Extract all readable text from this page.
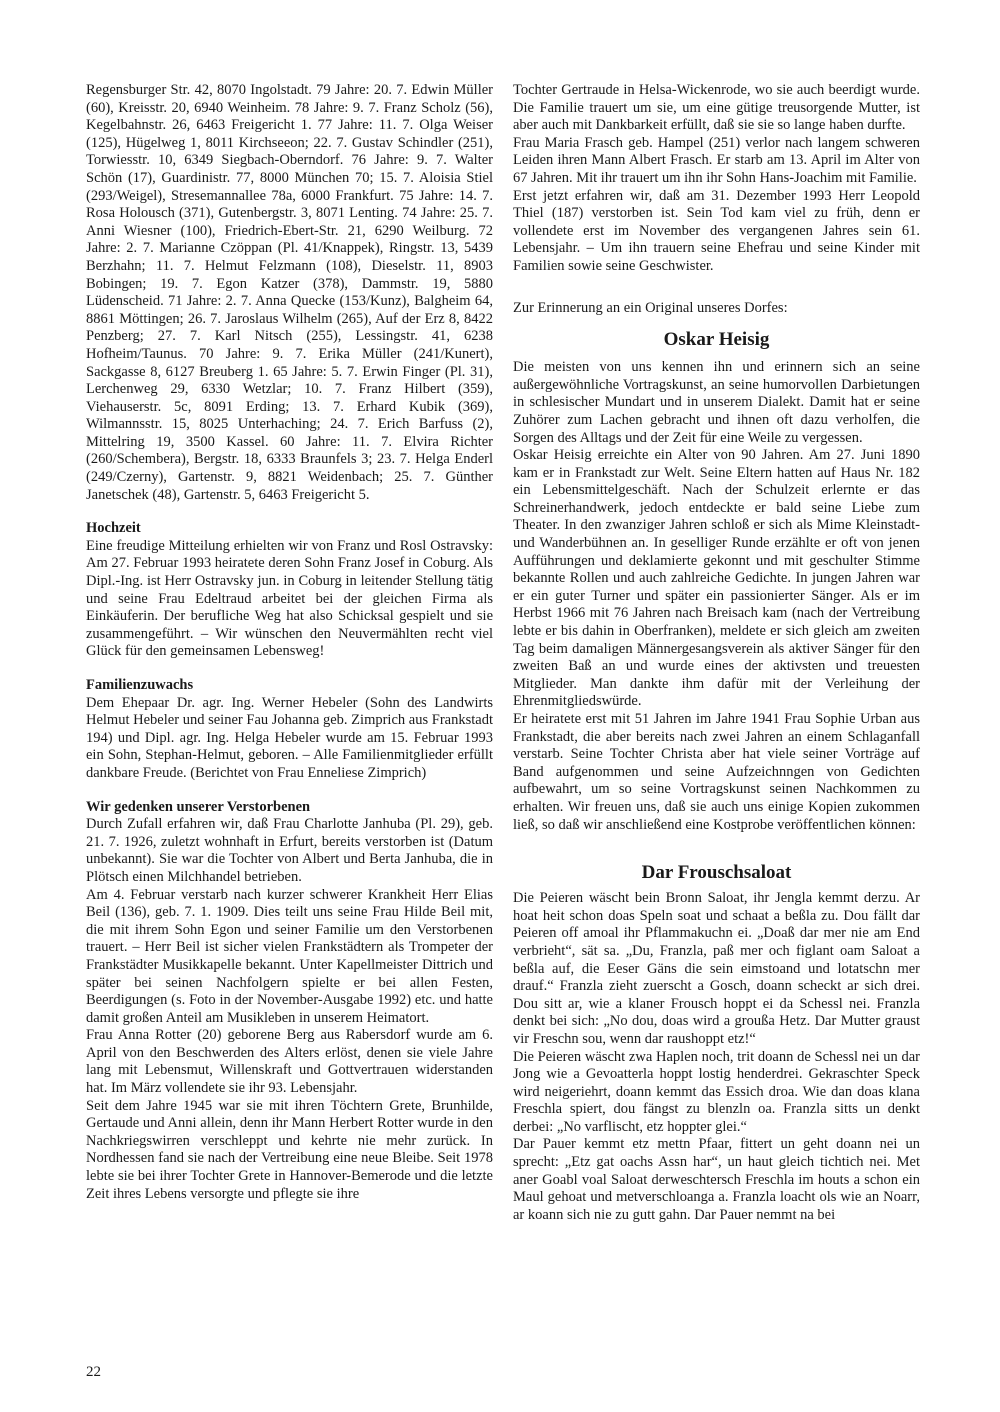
Regensburger Str. 42, 8070 Ingolstadt. 79 Jahre: 20. 7. Edwin Müller (60), Kreisstr. 20, 6940 Weinheim. 78 Jahre: 9. 7. Franz Scholz (56), Kegelbahnstr. 26, 6463 Freigericht 1. 77 Jahre: 11. 7. Olga Weiser (125), Hügelweg 1, 8011 Kirchseeon; 22. 7. Gustav Schindler (251), Torwiesstr. 10, 6349 Siegbach-Oberndorf. 76 Jahre: 9. 7. Walter Schön (17), Guardinistr. 77, 8000 München 70; 15. 7. Aloisia Stiel (293/Weigel), Stresemannallee 78a, 6000 Frankfurt. 75 Jahre: 14. 7. Rosa Holousch (371), Gutenbergstr. 3, 8071 Lenting. 74 Jahre: 25. 7. Anni Wiesner (100), Friedrich-Ebert-Str. 21, 6290 Weilburg. 72 Jahre: 2. 7. Marianne Czöppan (Pl. 41/Knappek), Ringstr. 13, 5439 Berzhahn; 11. 7. Helmut Felzmann (108), Dieselstr. 11, 8903 Bobingen; 19. 7. Egon Katzer (378), Dammstr. 19, 5880 Lüdenscheid. 71 Jahre: 2. 7. Anna Quecke (153/Kunz), Balgheim 64, 8861 Möttingen; 26. 7. Jaroslaus Wilhelm (265), Auf der Erz 8, 8422 Penzberg; 27. 7. Karl Nitsch (255), Lessingstr. 41, 6238 Hofheim/Taunus. 70 Jahre: 9. 7. Erika Müller (241/Kunert), Sackgasse 8, 6127 Breuberg 1. 65 Jahre: 5. 7. Erwin Finger (Pl. 31), Lerchenweg 29, 6330 Wetzlar; 10. 7. Franz Hilbert (359), Viehauserstr. 5c, 8091 Erding; 13. 7. Erhard Kubik (369), Wilmannsstr. 15, 8025 Unterhaching; 24. 7. Erich Barfuss (2), Mittelring 19, 3500 Kassel. 60 Jahre: 11. 7. Elvira Richter (260/Schembera), Bergstr. 18, 6333 Braunfels 3; 23. 7. Helga Enderl (249/Czerny), Gartenstr. 9, 8821 Weidenbach; 25. 7. Günther Janetschek (48), Gartenstr. 5, 6463 Freigericht 5.

Hochzeit

Eine freudige Mitteilung erhielten wir von Franz und Rosl Ostravsky: Am 27. Februar 1993 heiratete deren Sohn Franz Josef in Coburg. Als Dipl.-Ing. ist Herr Ostravsky jun. in Coburg in leitender Stellung tätig und seine Frau Edeltraud arbeitet bei der gleichen Firma als Einkäuferin. Der berufliche Weg hat also Schicksal gespielt und sie zusammengeführt. – Wir wünschen den Neuvermählten recht viel Glück für den gemeinsamen Lebensweg!

Familienzuwachs

Dem Ehepaar Dr. agr. Ing. Werner Hebeler (Sohn des Landwirts Helmut Hebeler und seiner Fau Johanna geb. Zimprich aus Frankstadt 194) und Dipl. agr. Ing. Helga Hebeler wurde am 15. Februar 1993 ein Sohn, Stephan-Helmut, geboren. – Alle Familienmitglieder erfüllt dankbare Freude. (Berichtet von Frau Enneliese Zimprich)

Wir gedenken unserer Verstorbenen

Durch Zufall erfahren wir, daß Frau Charlotte Janhuba (Pl. 29), geb. 21. 7. 1926, zuletzt wohnhaft in Erfurt, bereits verstorben ist (Datum unbekannt). Sie war die Tochter von Albert und Berta Janhuba, die in Plötsch einen Milchhandel betrieben.

Am 4. Februar verstarb nach kurzer schwerer Krankheit Herr Elias Beil (136), geb. 7. 1. 1909. Dies teilt uns seine Frau Hilde Beil mit, die mit ihrem Sohn Egon und seiner Familie um den Verstorbenen trauert. – Herr Beil ist sicher vielen Frankstädtern als Trompeter der Frankstädter Musikkapelle bekannt. Unter Kapellmeister Dittrich und später bei seinen Nachfolgern spielte er bei allen Festen, Beerdigungen (s. Foto in der November-Ausgabe 1992) etc. und hatte damit großen Anteil am Musikleben in unserem Heimatort.

Frau Anna Rotter (20) geborene Berg aus Rabersdorf wurde am 6. April von den Beschwerden des Alters erlöst, denen sie viele Jahre lang mit Lebensmut, Willenskraft und Gottvertrauen widerstanden hat. Im März vollendete sie ihr 93. Lebensjahr.

Seit dem Jahre 1945 war sie mit ihren Töchtern Grete, Brunhilde, Gertaude und Anni allein, denn ihr Mann Herbert Rotter wurde in den Nachkriegswirren verschleppt und kehrte nie mehr zurück. In Nordhessen fand sie nach der Vertreibung eine neue Bleibe. Seit 1978 lebte sie bei ihrer Tochter Grete in Hannover-Bemerode und die letzte Zeit ihres Lebens versorgte und pflegte sie ihre

Tochter Gertraude in Helsa-Wickenrode, wo sie auch beerdigt wurde. Die Familie trauert um sie, um eine gütige treusorgende Mutter, ist aber auch mit Dankbarkeit erfüllt, daß sie sie so lange haben durfte.

Frau Maria Frasch geb. Hampel (251) verlor nach langem schweren Leiden ihren Mann Albert Frasch. Er starb am 13. April im Alter von 67 Jahren. Mit ihr trauert um ihn ihr Sohn Hans-Joachim mit Familie.

Erst jetzt erfahren wir, daß am 31. Dezember 1993 Herr Leopold Thiel (187) verstorben ist. Sein Tod kam viel zu früh, denn er vollendete erst im November des vergangenen Jahres sein 61. Lebensjahr. – Um ihn trauern seine Ehefrau und seine Kinder mit Familien sowie seine Geschwister.

Zur Erinnerung an ein Original unseres Dorfes:

Oskar Heisig

Die meisten von uns kennen ihn und erinnern sich an seine außergewöhnliche Vortragskunst, an seine humorvollen Darbietungen in schlesischer Mundart und in unserem Dialekt. Damit hat er seine Zuhörer zum Lachen gebracht und ihnen oft dazu verholfen, die Sorgen des Alltags und der Zeit für eine Weile zu vergessen.

Oskar Heisig erreichte ein Alter von 90 Jahren. Am 27. Juni 1890 kam er in Frankstadt zur Welt. Seine Eltern hatten auf Haus Nr. 182 ein Lebensmittelgeschäft. Nach der Schulzeit erlernte er das Schreinerhandwerk, jedoch entdeckte er bald seine Liebe zum Theater. In den zwanziger Jahren schloß er sich als Mime Kleinstadt- und Wanderbühnen an. In geselliger Runde erzählte er oft von jenen Aufführungen und deklamierte gekonnt und mit geschulter Stimme bekannte Rollen und auch zahlreiche Gedichte. In jungen Jahren war er ein guter Turner und später ein passionierter Sänger. Als er im Herbst 1966 mit 76 Jahren nach Breisach kam (nach der Vertreibung lebte er bis dahin in Oberfranken), meldete er sich gleich am zweiten Tag beim damaligen Männergesangsverein als aktiver Sänger für den zweiten Baß an und wurde eines der aktivsten und treuesten Mitglieder. Man dankte ihm dafür mit der Verleihung der Ehrenmitgliedswürde.

Er heiratete erst mit 51 Jahren im Jahre 1941 Frau Sophie Urban aus Frankstadt, die aber bereits nach zwei Jahren an einem Schlaganfall verstarb. Seine Tochter Christa aber hat viele seiner Vorträge auf Band aufgenommen und seine Aufzeichnngen von Gedichten aufbewahrt, um so seine Vortragskunst seinen Nachkommen zu erhalten. Wir freuen uns, daß sie auch uns einige Kopien zukommen ließ, so daß wir anschließend eine Kostprobe veröffentlichen können:

Dar Frouschsaloat

Die Peieren wäscht bein Bronn Saloat, ihr Jengla kemmt derzu. Ar hoat heit schon doas Speln soat und schaat a beßla zu. Dou fällt dar Peieren off amoal ihr Pflammakuchn ei. „Doaß dar mer nie am End verbrieht“, sät sa. „Du, Franzla, paß mer och figlant oam Saloat a beßla auf, die Eeser Gäns die sein eimstoand und lotatschn mer drauf.“ Franzla zieht zuerscht a Gosch, doann scheckt ar sich drei. Dou sitt ar, wie a klaner Frousch hoppt ei da Schessl nei. Franzla denkt bei sich: „No dou, doas wird a groußa Hetz. Dar Mutter graust vir Freschn sou, wenn dar raushoppt etz!“

Die Peieren wäscht zwa Haplen noch, trit doann de Schessl nei un dar Jong wie a Gevoatterla hoppt lostig henderdrei. Gekraschter Speck wird neigeriehrt, doann kemmt das Essich droa. Wie dan doas klana Freschla spiert, dou fängst zu blenzln oa. Franzla sitts un denkt derbei: „No varflischt, etz hoppter glei.“

Dar Pauer kemmt etz mettn Pfaar, fittert un geht doann nei un sprecht: „Etz gat oachs Assn har“, un haut gleich tichtich nei. Met aner Goabl voal Saloat derweschtersch Freschla im houts a schon ein Maul gehoat und metverschloanga a. Franzla loacht ols wie an Noarr, ar koann sich nie zu gutt gahn. Dar Pauer nemmt na bei

22
